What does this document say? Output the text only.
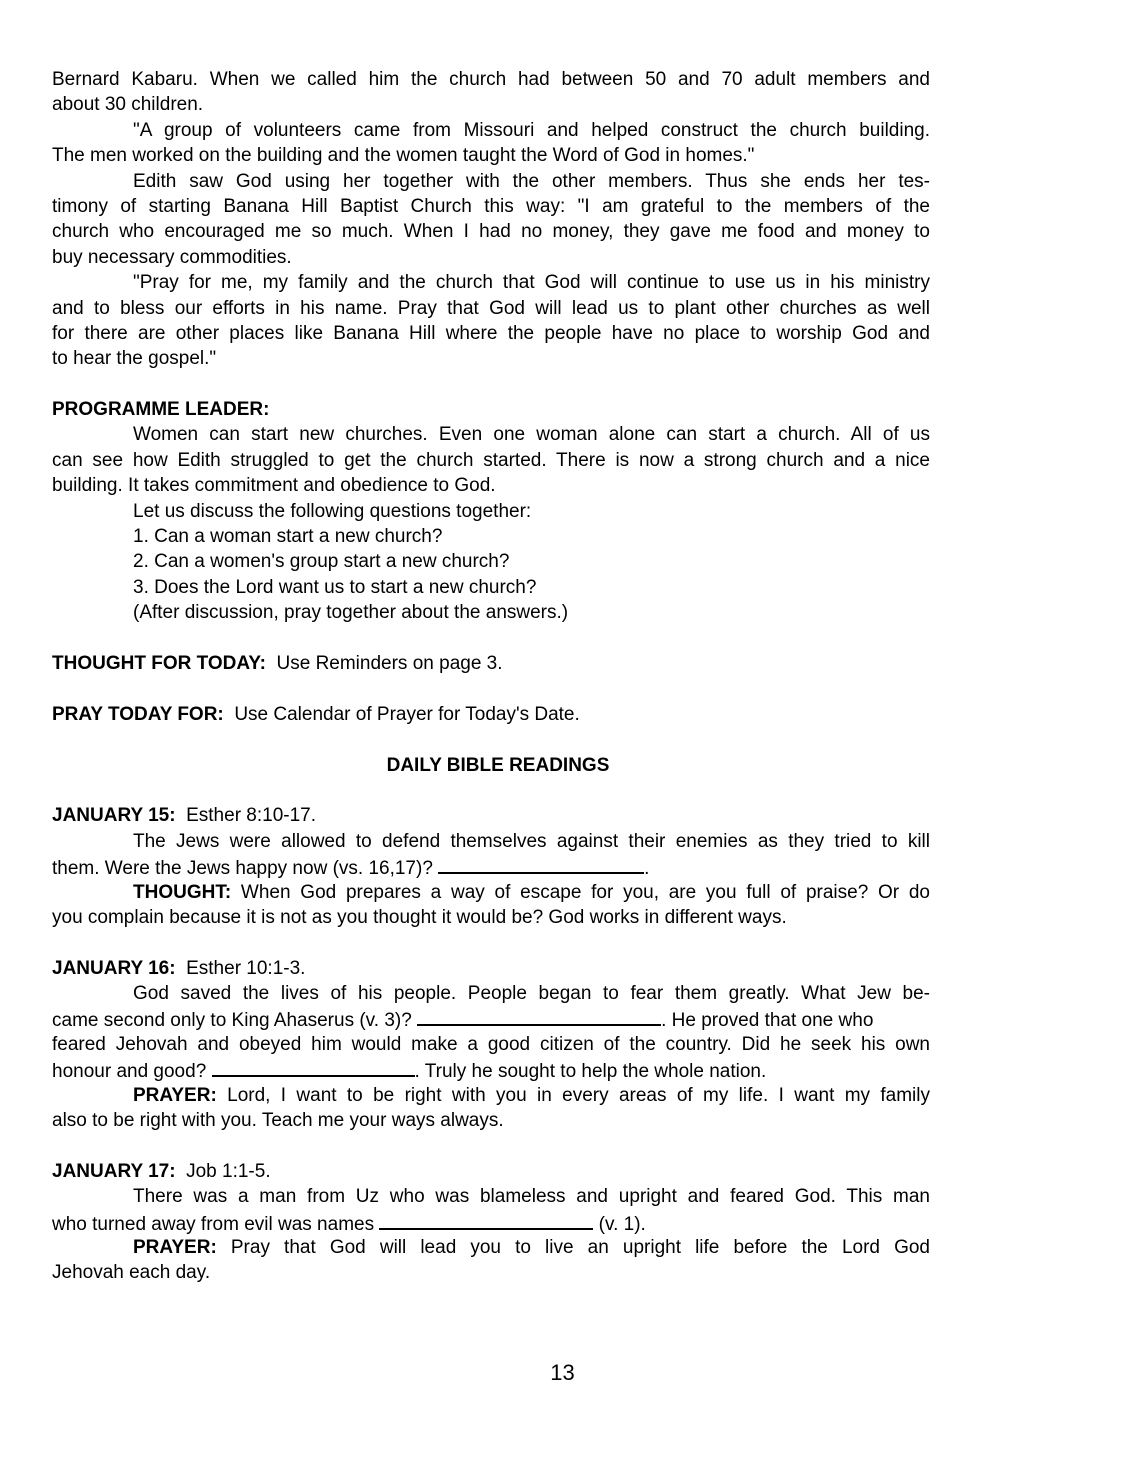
Bernard Kabaru. When we called him the church had between 50 and 70 adult members and
about 30 children.
"A group of volunteers came from Missouri and helped construct the church building.
The men worked on the building and the women taught the Word of God in homes."
Edith saw God using her together with the other members. Thus she ends her tes-
timony of starting Banana Hill Baptist Church this way: "I am grateful to the members of the
church who encouraged me so much. When I had no money, they gave me food and money to
buy necessary commodities.
"Pray for me, my family and the church that God will continue to use us in his ministry
and to bless our efforts in his name. Pray that God will lead us to plant other churches as well
for there are other places like Banana Hill where the people have no place to worship God and
to hear the gospel."
PROGRAMME LEADER:
Women can start new churches. Even one woman alone can start a church. All of us
can see how Edith struggled to get the church started. There is now a strong church and a nice
building. It takes commitment and obedience to God.
Let us discuss the following questions together:
1. Can a woman start a new church?
2. Can a women's group start a new church?
3. Does the Lord want us to start a new church?
(After discussion, pray together about the answers.)
THOUGHT FOR TODAY: Use Reminders on page 3.
PRAY TODAY FOR: Use Calendar of Prayer for Today's Date.
DAILY BIBLE READINGS
JANUARY 15: Esther 8:10-17.
The Jews were allowed to defend themselves against their enemies as they tried to kill
them. Were the Jews happy now (vs. 16,17)?	.
THOUGHT: When God prepares a way of escape for you, are you full of praise? Or do
you complain because it is not as you thought it would be? God works in different ways.
JANUARY 16: Esther 10:1-3.
God saved the lives of his people. People began to fear them greatly. What Jew be-
came second only to King Ahaserus (v. 3)?	. He proved that one who
feared Jehovah and obeyed him would make a good citizen of the country. Did he seek his own
honour and good?	. Truly he sought to help the whole nation.
PRAYER: Lord, I want to be right with you in every areas of my life. I want my family
also to be right with you. Teach me your ways always.
JANUARY 17: Job 1:1-5.
There was a man from Uz who was blameless and upright and feared God. This man
who turned away from evil was names	(v. 1).
PRAYER: Pray that God will lead you to live an upright life before the Lord God
Jehovah each day.
13
